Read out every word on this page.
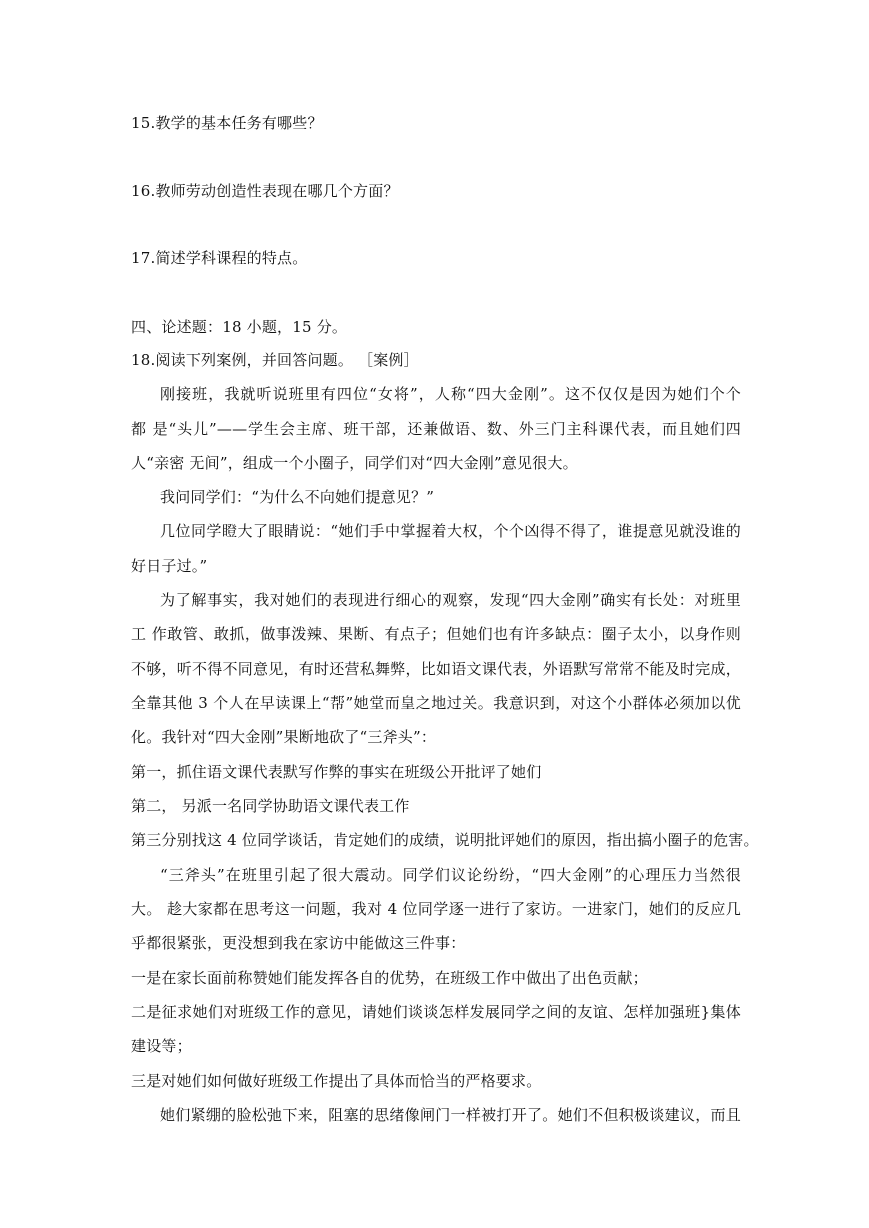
15.教学的基本任务有哪些？
16.教师劳动创造性表现在哪几个方面？
17.简述学科课程的特点。
四、论述题：18 小题，15 分。
18.阅读下列案例，并回答问题。 ［案例］
刚接班，我就听说班里有四位“女将”，人称“四大金刚”。这不仅仅是因为她们个个
都 是“头儿”——学生会主席、班干部，还兼做语、数、外三门主科课代表，而且她们四
人“亲密 无间”，组成一个小圈子，同学们对“四大金刚”意见很大。
我问同学们：“为什么不向她们提意见？”
几位同学瞪大了眼睛说：“她们手中掌握着大权，个个凶得不得了，谁提意见就没谁的
好日子过。”
为了解事实，我对她们的表现进行细心的观察，发现“四大金刚”确实有长处：对班里
工 作敢管、敢抓，做事泼辣、果断、有点子；但她们也有许多缺点：圈子太小，以身作则
不够，听不得不同意见，有时还营私舞弊，比如语文课代表，外语默写常常不能及时完成，
全靠其他 3 个人在早读课上“帮”她堂而皇之地过关。我意识到，对这个小群体必须加以优
化。我针对“四大金刚”果断地砍了“三斧头”：
第一，抓住语文课代表默写作弊的事实在班级公开批评了她们
第二， 另派一名同学协助语文课代表工作
第三分别找这 4 位同学谈话，肯定她们的成绩，说明批评她们的原因，指出搞小圈子的危害。
“三斧头”在班里引起了很大震动。同学们议论纷纷，“四大金刚”的心理压力当然很
大。 趁大家都在思考这一问题，我对 4 位同学逐一进行了家访。一进家门，她们的反应几
乎都很紧张，更没想到我在家访中能做这三件事：
一是在家长面前称赞她们能发挥各自的优势，在班级工作中做出了出色贡献；
二是征求她们对班级工作的意见，请她们谈谈怎样发展同学之间的友谊、怎样加强班}集体
建设等；
三是对她们如何做好班级工作提出了具体而恰当的严格要求。
她们紧绷的脸松弛下来，阻塞的思绪像闸门一样被打开了。她们不但积极谈建议，而且
